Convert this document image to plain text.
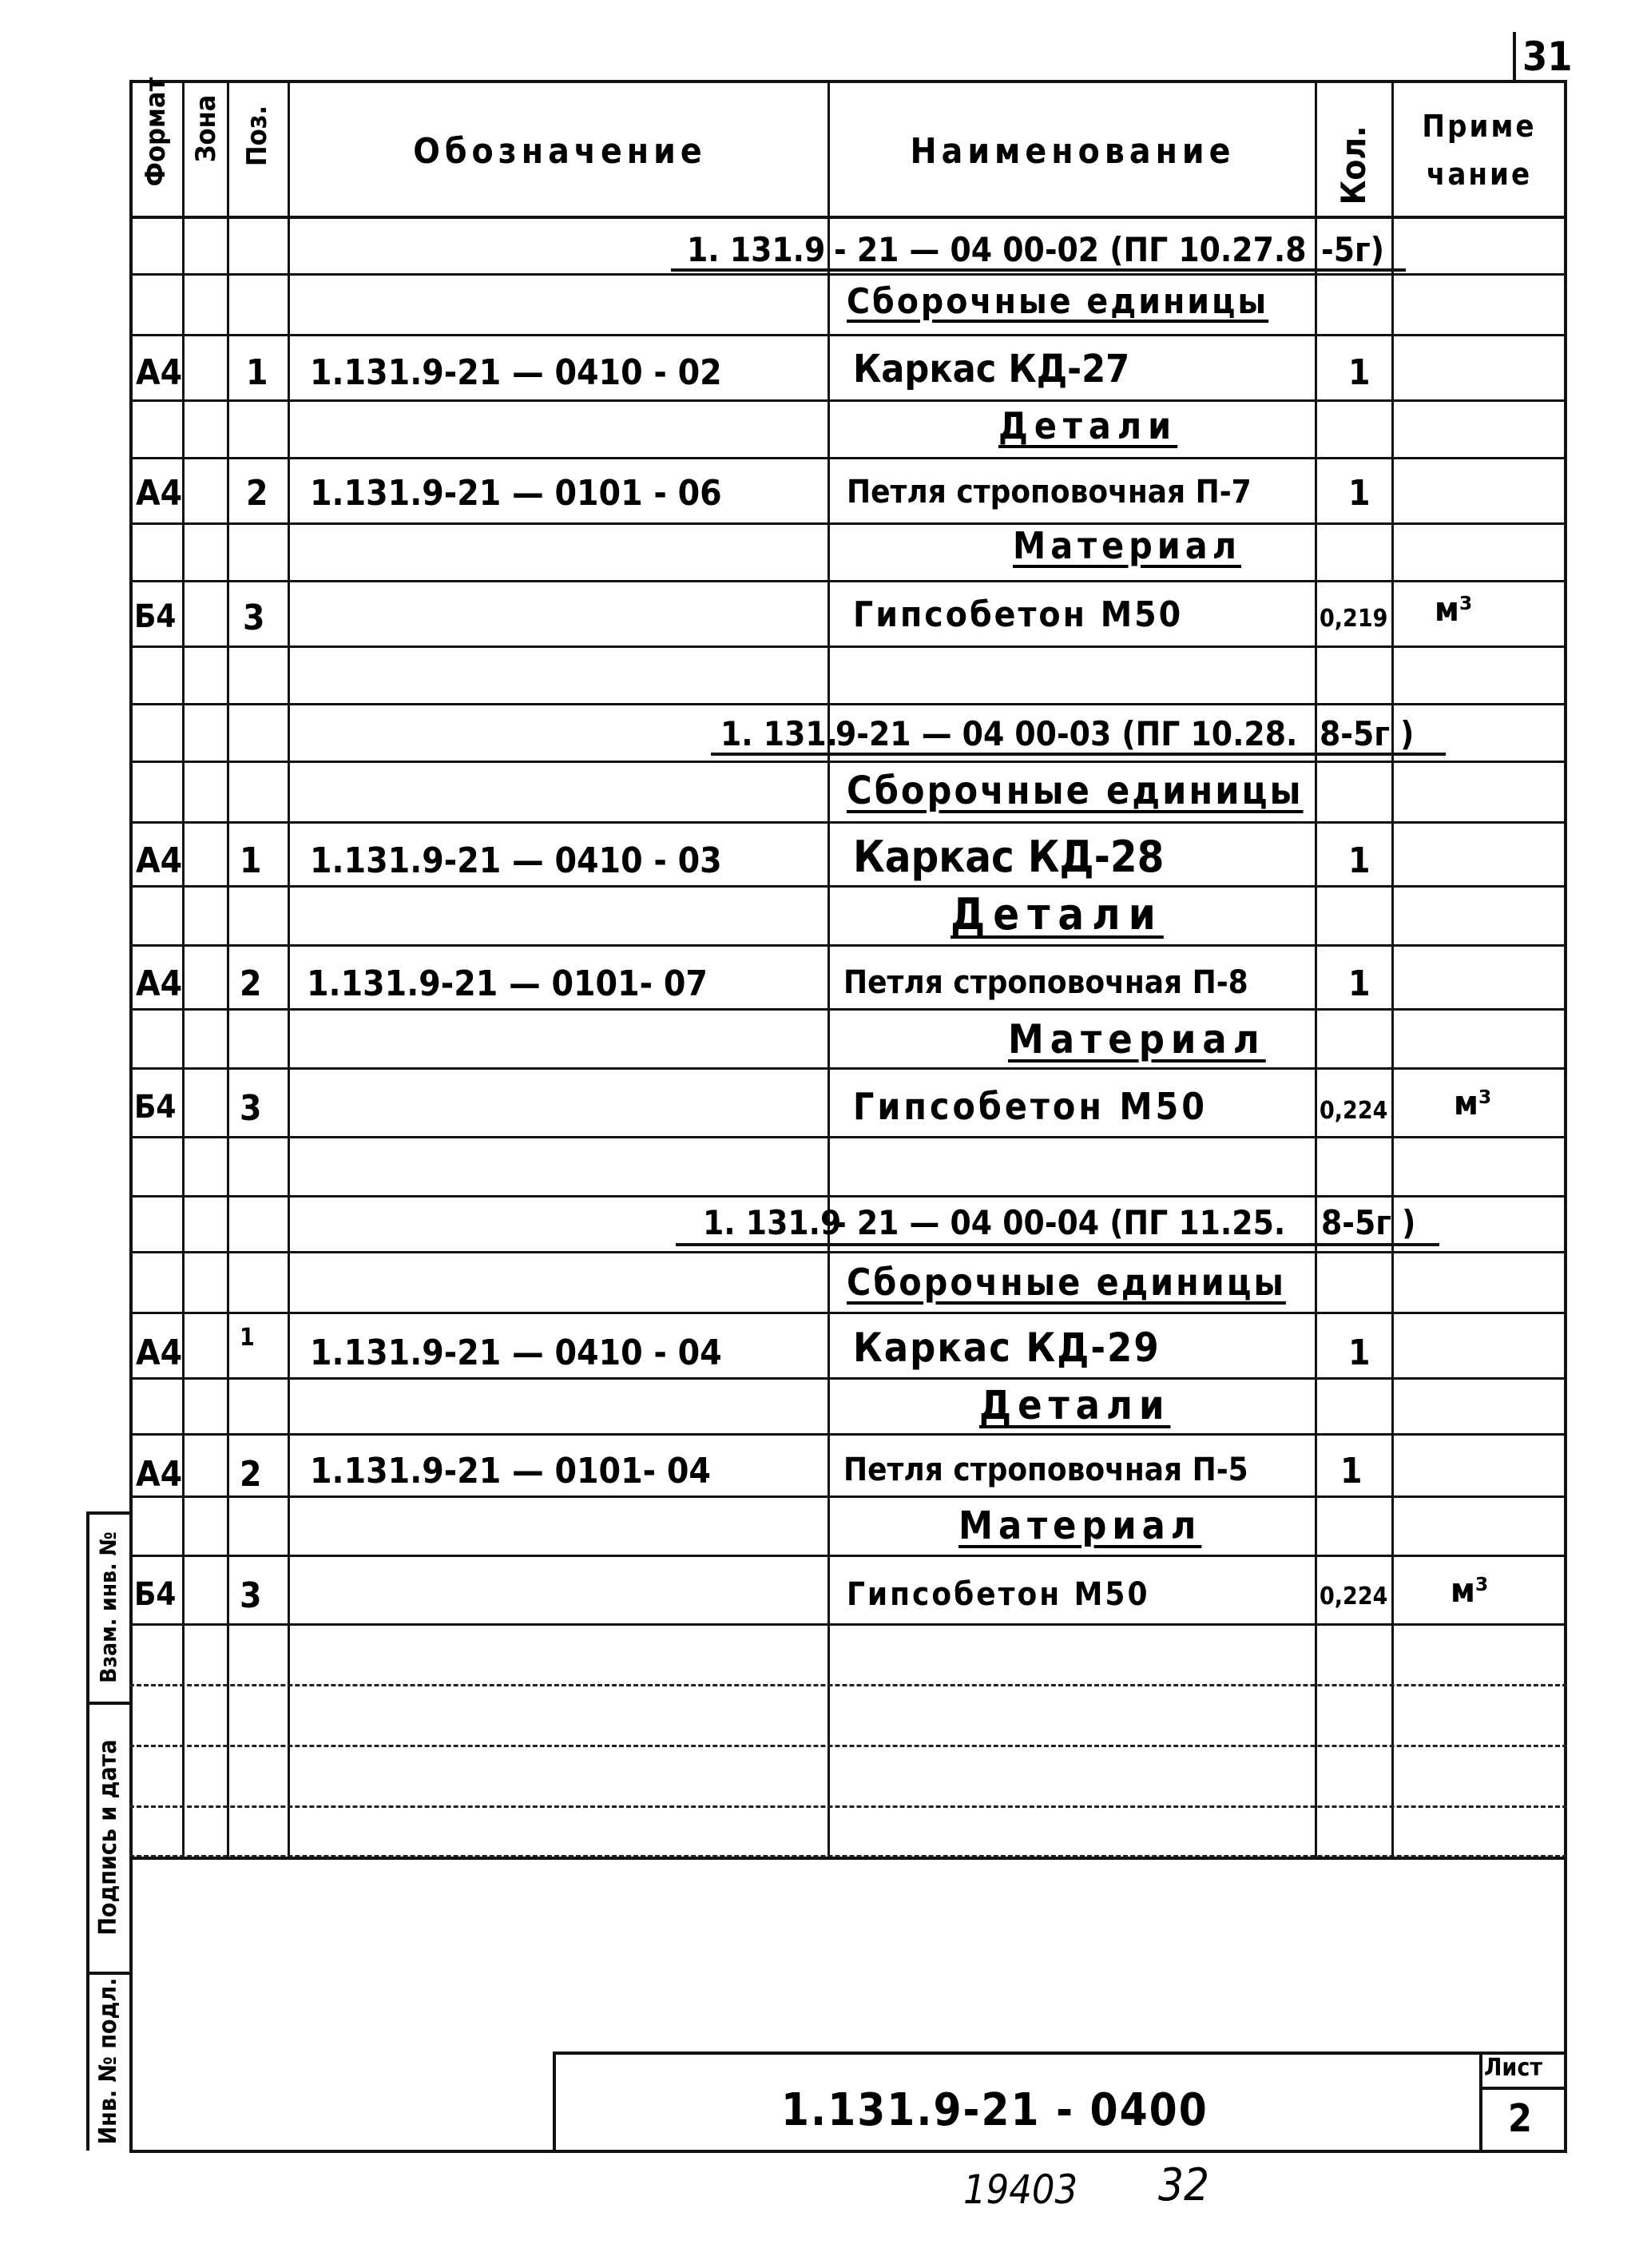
31
Формат Зона Поз.	Обозначение	Наименование	Кол.	Приме
чание
1. 131.9 - 21 — 04 00-02 (ПГ 10.27.8 -5г)
Сборочные единицы
А4 1 1.131.9-21 — 0410 - 02	Каркас КД-27	1
Детали
А4 2 1.131.9-21 — 0101 - 06	Петля строповочная П-7	1
Материал
Б4 3	Гипсобетон М50	0,219 м³
1. 131.
9-21 — 04 00-03 (ПГ 10.28. 8-5г )
Сборочные единицы
А4 1 1.131.9-21 — 0410 - 03	Каркас КД-28	1
Детали
А4 2 1.131.9-21 — 0101- 07	Петля строповочная П-8	1
Материал
Б4 3	Гипсобетон М50	0,224 м³
1. 131.9
- 21 — 04 00-04 (ПГ 11.25. 8-5г )
Сборочные единицы
А4 1 1.131.9-21 — 0410 - 04	Каркас КД-29	1
Детали
А4 2 1.131.9-21 — 0101- 04	Петля строповочная П-5	1
Материал
Б4 3	Гипсобетон М50	0,224 м³
Взам. инв. №
Подпись и дата
Инв. № подл.	Лист
2
1.131.9-21 - 0400
19403 32
